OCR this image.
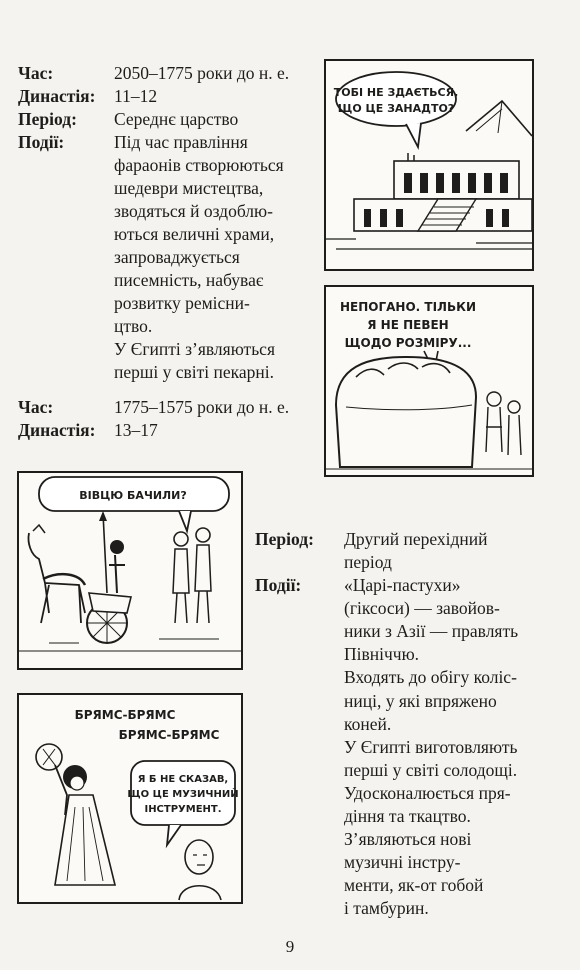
Час:	2050–1775 роки до н. е.
Династія: 11–12
Період: Середнє царство
Події:	Під час правління
фараонів створюються
шедеври мистецтва,
зводяться й оздоблю-
ються величні храми,
запроваджується
писемність, набуває
розвитку ремісни-
цтво.
У Єгипті з’являються
перші у світі пекарні.
Час:	1775–1575 роки до н. е.
Династія: 13–17
Період: Другий перехідний
період
Події: «Царі-пастухи»
(гіксоси) — завойов-
ники з Азії — правлять
Північчю.
Входять до обігу коліс-
ниці, у які впряжено
коней.
У Єгипті виготовляють
перші у світі солодощі.
Удосконалюється пря-
діння та ткацтво.
З’являються нові
музичні інстру-
менти, як-от гобой
і тамбурин.
ТОБІ НЕ ЗДАЄТЬСЯ,
ЩО ЦЕ ЗАНАДТО?
НЕПОГАНО. ТІЛЬКИ
Я НЕ ПЕВЕН
ЩОДО РОЗМІРУ...
ВІВЦЮ БАЧИЛИ?
БРЯМС-БРЯМС
БРЯМС-БРЯМС
Я Б НЕ СКАЗАВ,
ЩО ЦЕ МУЗИЧНИЙ
ІНСТРУМЕНТ.
9
